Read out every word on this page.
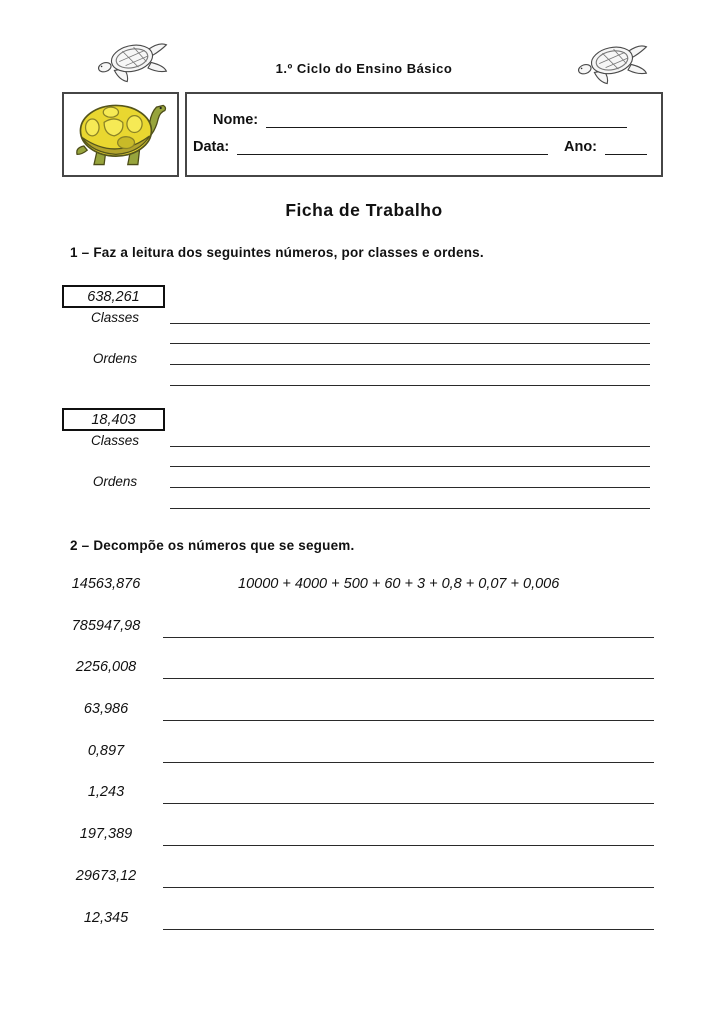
1.º Ciclo do Ensino Básico
Nome:
Data:	Ano:
Ficha de Trabalho
1 – Faz a leitura dos seguintes números, por classes e ordens.
638,261
Classes
Ordens
18,403
Classes
Ordens
2 – Decompõe os números que se seguem.
14563,876	10000 + 4000 + 500 + 60 + 3 + 0,8 + 0,07 + 0,006
785947,98
2256,008
63,986
0,897
1,243
197,389
29673,12
12,345
